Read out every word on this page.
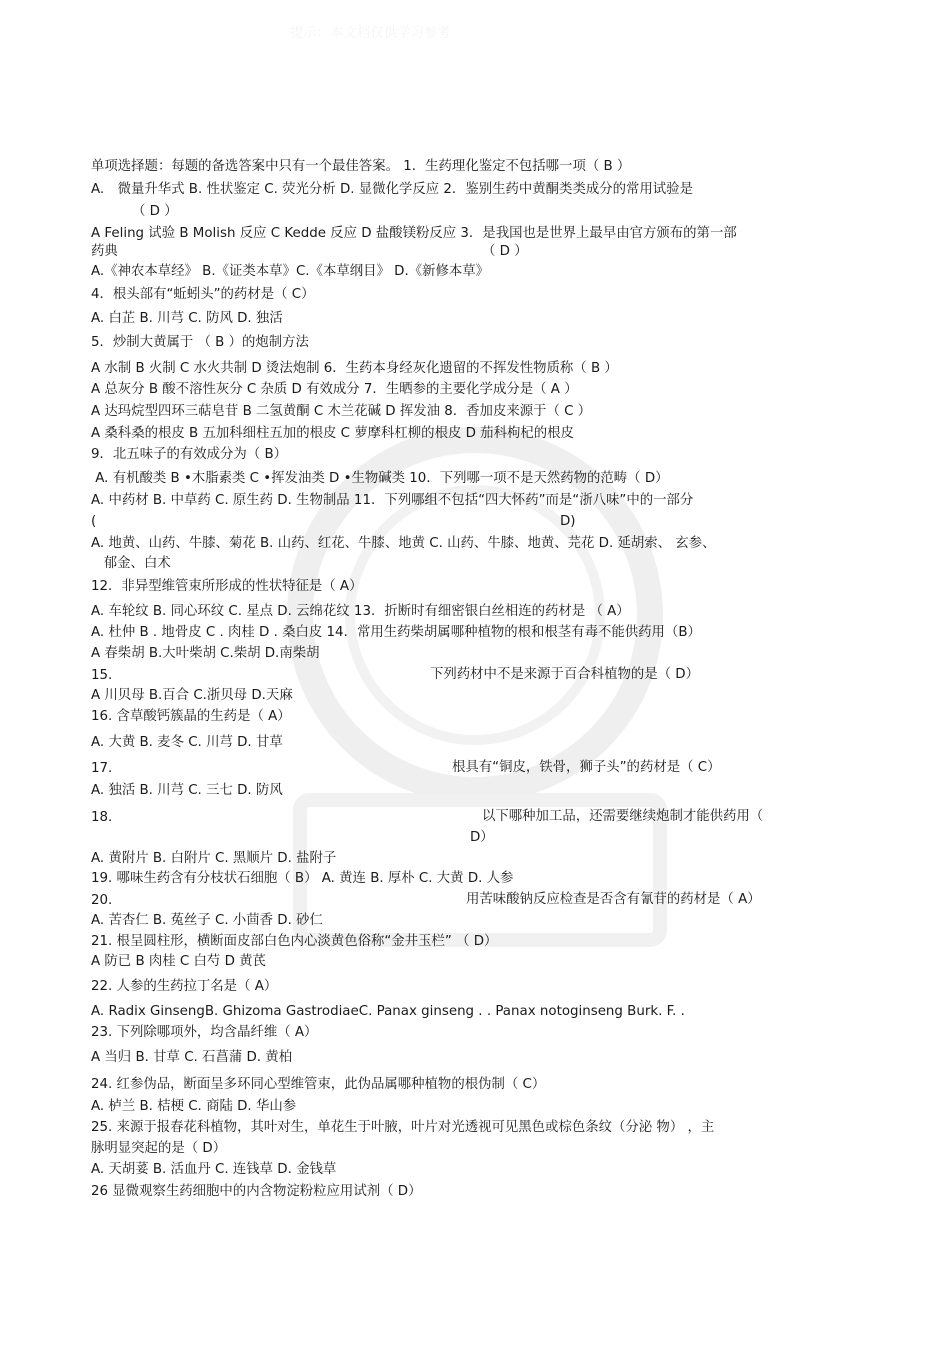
提示：本文档仅供学习参考
单项选择题：每题的备选答案中只有一个最佳答案。 1．生药理化鉴定不包括哪一项（ B ）
A.　微量升华式 B. 性状鉴定 C. 荧光分析 D. 显微化学反应 2．鉴别生药中黄酮类类成分的常用试验是
（ D ）
A Feling 试验 B Molish 反应 C Kedde 反应 D 盐酸镁粉反应 3．是我国也是世界上最早由官方颁布的第一部
药典	（ D ）
A.《神农本草经》 B.《证类本草》C.《本草纲目》 D.《新修本草》
4．根头部有“蚯蚓头”的药材是（ C）
A. 白芷 B. 川芎 C. 防风 D. 独活
5．炒制大黄属于 （ B ）的炮制方法
A 水制 B 火制 C 水火共制 D 烫法炮制 6．生药本身经灰化遗留的不挥发性物质称（ B ）
A 总灰分 B 酸不溶性灰分 C 杂质 D 有效成分 7．生晒参的主要化学成分是（ A ）
A 达玛烷型四环三萜皂苷 B 二氢黄酮 C 木兰花碱 D 挥发油 8．香加皮来源于（ C ）
A 桑科桑的根皮 B 五加科细柱五加的根皮 C 萝摩科杠柳的根皮 D 茄科枸杞的根皮
9．北五味子的有效成分为（ B）
A. 有机酸类 B •木脂素类 C •挥发油类 D •生物碱类 10．下列哪一项不是天然药物的范畴（ D）
A. 中药材 B. 中草药 C. 原生药 D. 生物制品 11．下列哪组不包括“四大怀药”而是“浙八味”中的一部分
(	D)
A. 地黄、山药、牛膝、菊花 B. 山药、红花、牛膝、地黄 C. 山药、牛膝、地黄、芫花 D. 延胡索、 玄参、
郁金、白术
12．非异型维管束所形成的性状特征是（ A）
A. 车轮纹 B. 同心环纹 C. 星点 D. 云绵花纹 13．折断时有细密银白丝相连的药材是 （ A）
A. 杜仲 B . 地骨皮 C . 肉桂 D . 桑白皮 14．常用生药柴胡属哪种植物的根和根茎有毒不能供药用（B）
A 春柴胡 B.大叶柴胡 C.柴胡 D.南柴胡
15.	下列药材中不是来源于百合科植物的是（ D）
A 川贝母 B.百合 C.浙贝母 D.天麻
16. 含草酸钙簇晶的生药是（ A）
A. 大黄 B. 麦冬 C. 川芎 D. 甘草
17.	根具有“铜皮，铁骨，狮子头”的药材是（ C）
A. 独活 B. 川芎 C. 三七 D. 防风
18.	以下哪种加工品，还需要继续炮制才能供药用（
D）
A. 黄附片 B. 白附片 C. 黑顺片 D. 盐附子
19. 哪味生药含有分枝状石细胞（ B） A. 黄连 B. 厚朴 C. 大黄 D. 人参
20.	用苦味酸钠反应检查是否含有氰苷的药材是（ A）
A. 苦杏仁 B. 菟丝子 C. 小茴香 D. 砂仁
21. 根呈圆柱形，横断面皮部白色内心淡黄色俗称“金井玉栏” （ D）
A 防已 B 肉桂 C 白芍 D 黄芪
22. 人参的生药拉丁名是（ A）
A. Radix GinsengB. Ghizoma GastrodiaeC. Panax ginseng . . Panax notoginseng Burk. F. .
23. 下列除哪项外，均含晶纤维（ A）
A 当归 B. 甘草 C. 石菖蒲 D. 黄柏
24. 红参伪品，断面呈多环同心型维管束，此伪品属哪种植物的根伪制（ C）
A. 栌兰 B. 桔梗 C. 商陆 D. 华山参
25. 来源于报春花科植物，其叶对生，单花生于叶腋，叶片对光透视可见黑色或棕色条纹（分泌 物） ，主
脉明显突起的是（ D）
A. 天胡荽 B. 活血丹 C. 连钱草 D. 金钱草
26 显微观察生药细胞中的内含物淀粉粒应用试剂（ D）
